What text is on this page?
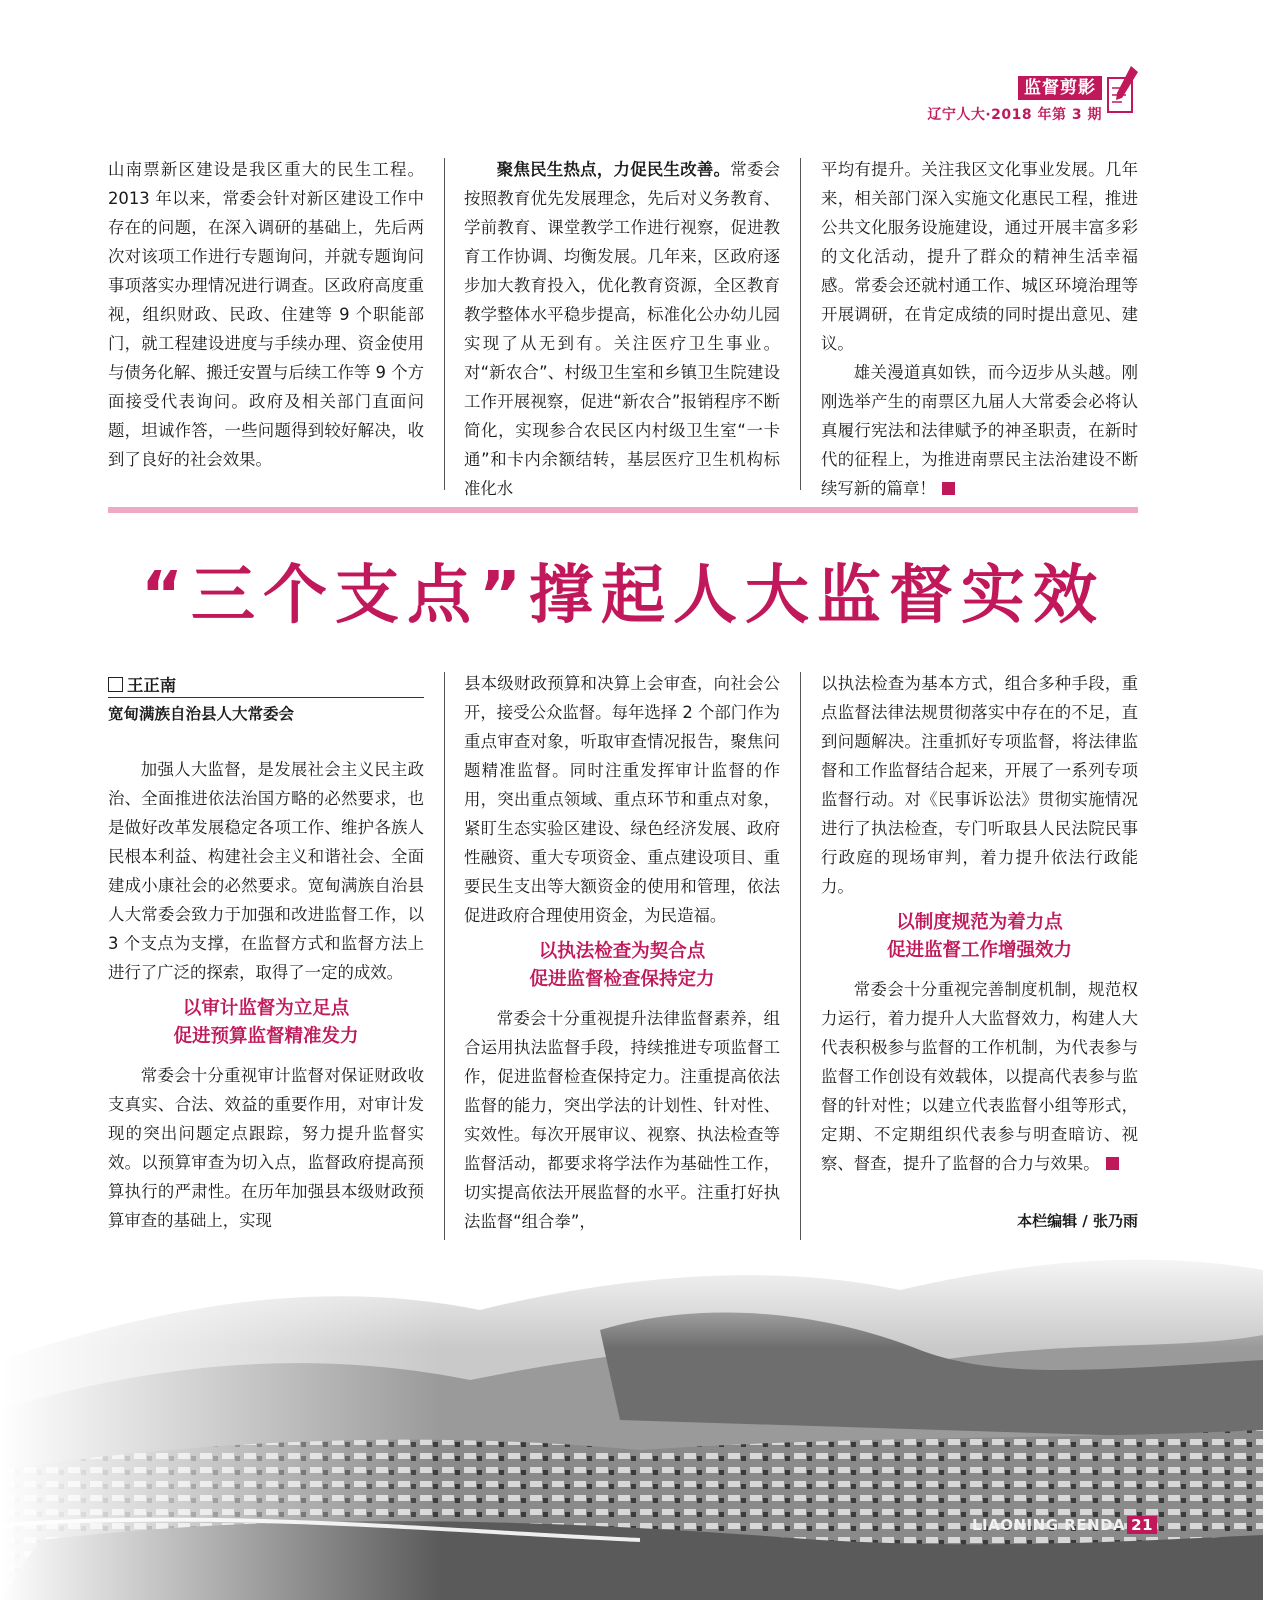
监督剪影
辽宁人大·2018 年第 3 期

山南票新区建设是我区重大的民生工程。2013 年以来，常委会针对新区建设工作中存在的问题，在深入调研的基础上，先后两次对该项工作进行专题询问，并就专题询问事项落实办理情况进行调查。区政府高度重视，组织财政、民政、住建等 9 个职能部门，就工程建设进度与手续办理、资金使用与债务化解、搬迁安置与后续工作等 9 个方面接受代表询问。政府及相关部门直面问题，坦诚作答，一些问题得到较好解决，收到了良好的社会效果。

聚焦民生热点，力促民生改善。常委会按照教育优先发展理念，先后对义务教育、学前教育、课堂教学工作进行视察，促进教育工作协调、均衡发展。几年来，区政府逐步加大教育投入，优化教育资源，全区教育教学整体水平稳步提高，标准化公办幼儿园实现了从无到有。关注医疗卫生事业。对“新农合”、村级卫生室和乡镇卫生院建设工作开展视察，促进“新农合”报销程序不断简化，实现参合农民区内村级卫生室“一卡通”和卡内余额结转，基层医疗卫生机构标准化水

平均有提升。关注我区文化事业发展。几年来，相关部门深入实施文化惠民工程，推进公共文化服务设施建设，通过开展丰富多彩的文化活动，提升了群众的精神生活幸福感。常委会还就村通工作、城区环境治理等开展调研，在肯定成绩的同时提出意见、建议。

雄关漫道真如铁，而今迈步从头越。刚刚选举产生的南票区九届人大常委会必将认真履行宪法和法律赋予的神圣职责，在新时代的征程上，为推进南票民主法治建设不断续写新的篇章！

“三个支点”撑起人大监督实效
王正南
宽甸满族自治县人大常委会

加强人大监督，是发展社会主义民主政治、全面推进依法治国方略的必然要求，也是做好改革发展稳定各项工作、维护各族人民根本利益、构建社会主义和谐社会、全面建成小康社会的必然要求。宽甸满族自治县人大常委会致力于加强和改进监督工作，以 3 个支点为支撑，在监督方式和监督方法上进行了广泛的探索，取得了一定的成效。

以审计监督为立足点
促进预算监督精准发力

常委会十分重视审计监督对保证财政收支真实、合法、效益的重要作用，对审计发现的突出问题定点跟踪，努力提升监督实效。以预算审查为切入点，监督政府提高预算执行的严肃性。在历年加强县本级财政预算审查的基础上，实现

县本级财政预算和决算上会审查，向社会公开，接受公众监督。每年选择 2 个部门作为重点审查对象，听取审查情况报告，聚焦问题精准监督。同时注重发挥审计监督的作用，突出重点领域、重点环节和重点对象，紧盯生态实验区建设、绿色经济发展、政府性融资、重大专项资金、重点建设项目、重要民生支出等大额资金的使用和管理，依法促进政府合理使用资金，为民造福。

以执法检查为契合点
促进监督检查保持定力

常委会十分重视提升法律监督素养，组合运用执法监督手段，持续推进专项监督工作，促进监督检查保持定力。注重提高依法监督的能力，突出学法的计划性、针对性、实效性。每次开展审议、视察、执法检查等监督活动，都要求将学法作为基础性工作，切实提高依法开展监督的水平。注重打好执法监督“组合拳”，

以执法检查为基本方式，组合多种手段，重点监督法律法规贯彻落实中存在的不足，直到问题解决。注重抓好专项监督，将法律监督和工作监督结合起来，开展了一系列专项监督行动。对《民事诉讼法》贯彻实施情况进行了执法检查，专门听取县人民法院民事行政庭的现场审判，着力提升依法行政能力。

以制度规范为着力点
促进监督工作增强效力

常委会十分重视完善制度机制，规范权力运行，着力提升人大监督效力，构建人大代表积极参与监督的工作机制，为代表参与监督工作创设有效载体，以提高代表参与监督的针对性；以建立代表监督小组等形式，定期、不定期组织代表参与明查暗访、视察、督查，提升了监督的合力与效果。

本栏编辑 / 张乃雨
LIAONING RENDA 21
